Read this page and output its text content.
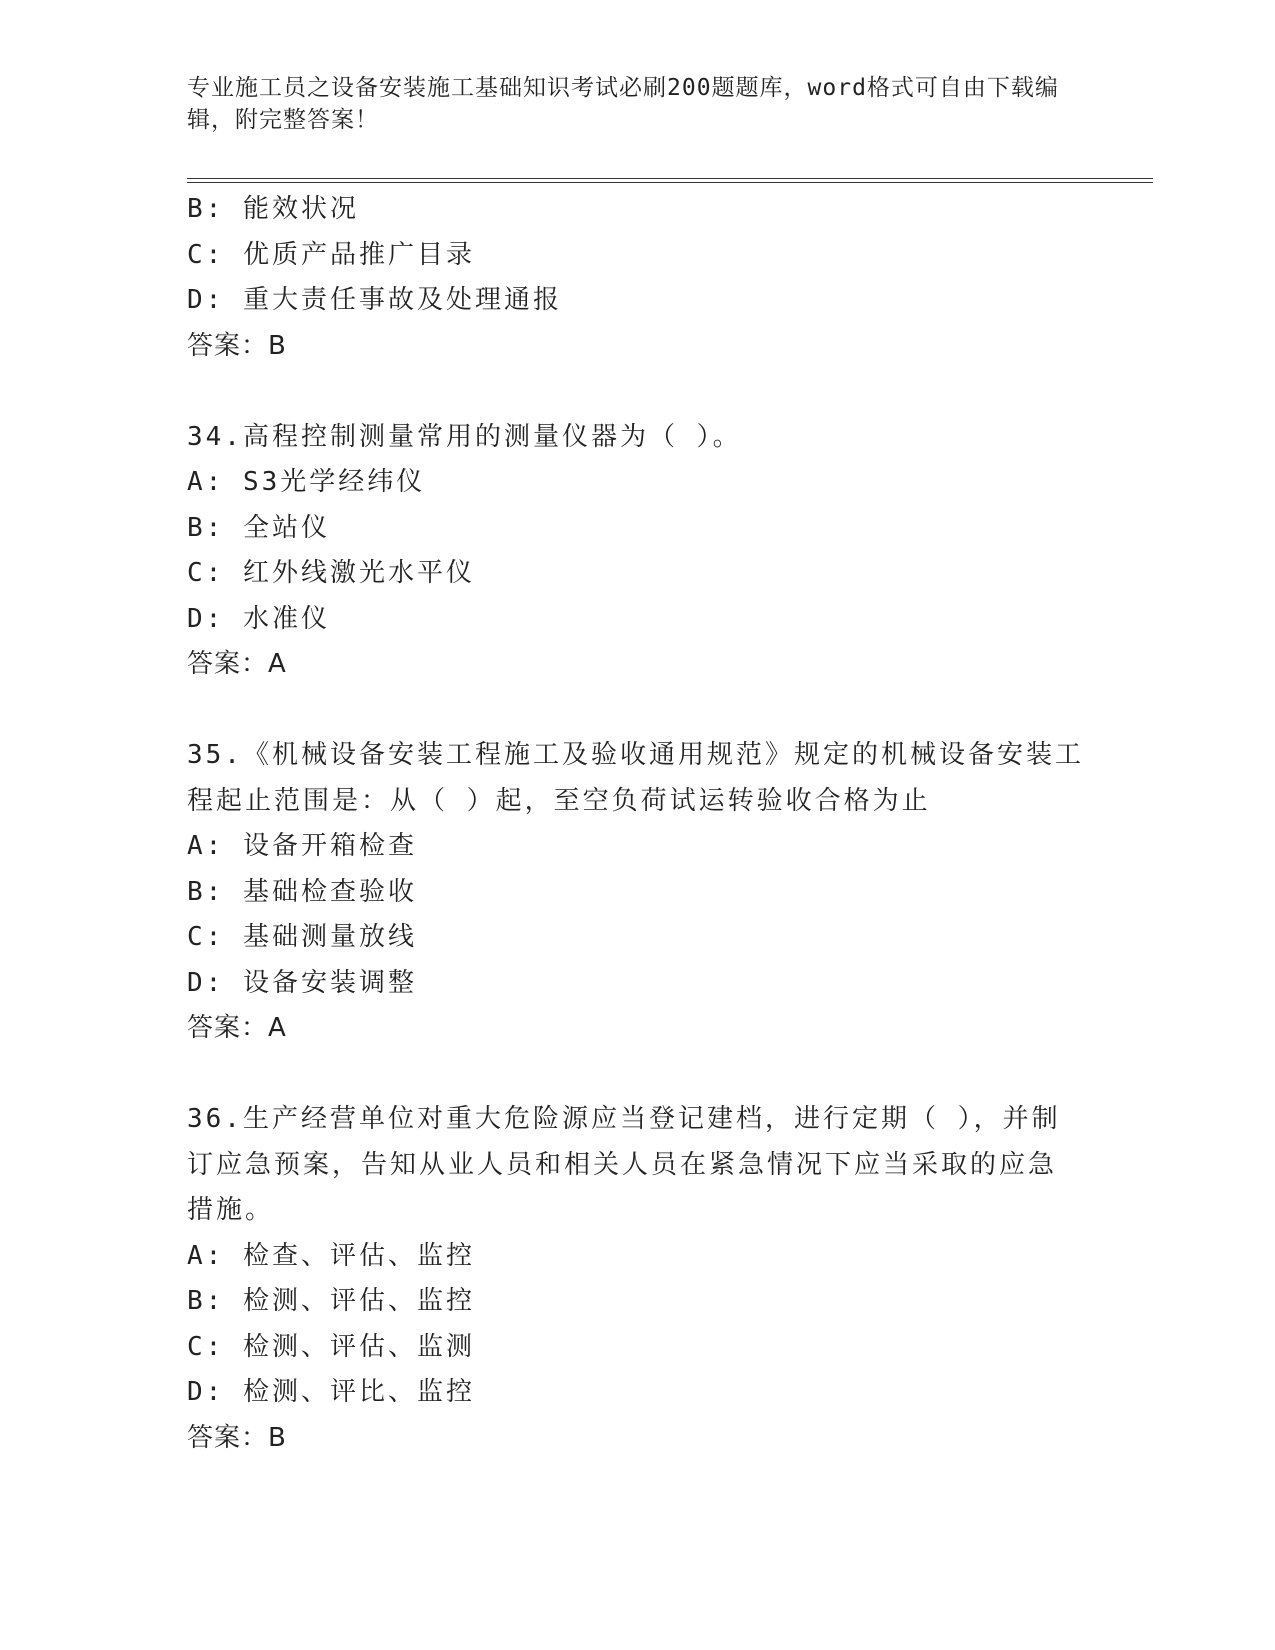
专业施工员之设备安装施工基础知识考试必刷200题题库，word格式可自由下载编辑，附完整答案！
B: 能效状况
C: 优质产品推广目录
D: 重大责任事故及处理通报
答案：B
34.高程控制测量常用的测量仪器为（ ）。
A: S3光学经纬仪
B: 全站仪
C: 红外线激光水平仪
D: 水准仪
答案：A
35.《机械设备安装工程施工及验收通用规范》规定的机械设备安装工
程起止范围是：从（ ）起，至空负荷试运转验收合格为止
A: 设备开箱检查
B: 基础检查验收
C: 基础测量放线
D: 设备安装调整
答案：A
36.生产经营单位对重大危险源应当登记建档，进行定期（ ），并制
订应急预案，告知从业人员和相关人员在紧急情况下应当采取的应急
措施。
A: 检查、评估、监控
B: 检测、评估、监控
C: 检测、评估、监测
D: 检测、评比、监控
答案：B
